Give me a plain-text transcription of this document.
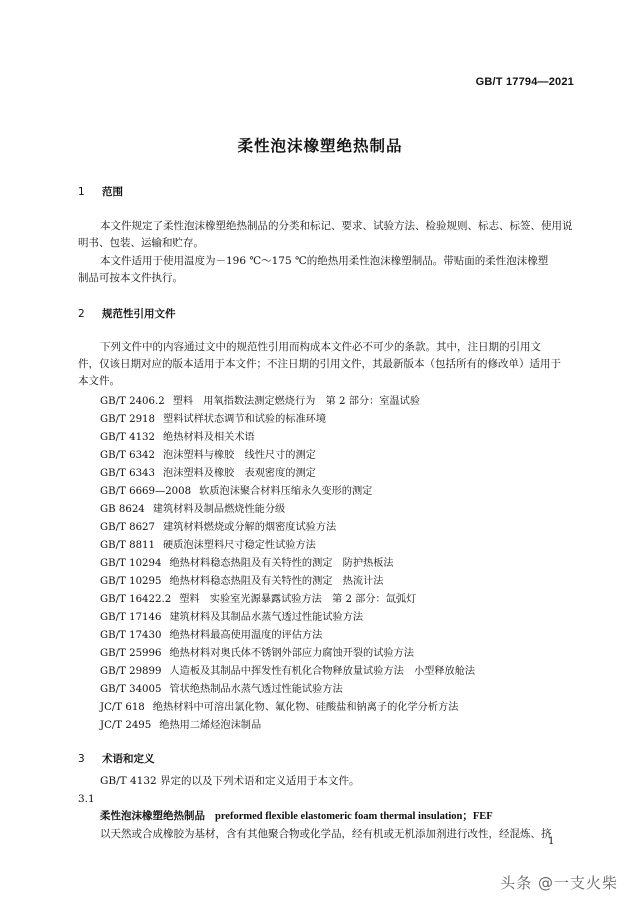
GB/T 17794—2021
柔性泡沫橡塑绝热制品
1 范围
本文件规定了柔性泡沫橡塑绝热制品的分类和标记、要求、试验方法、检验规则、标志、标签、使用说
明书、包装、运输和贮存。
本文件适用于使用温度为－196 ℃～175 ℃的绝热用柔性泡沫橡塑制品。带贴面的柔性泡沫橡塑
制品可按本文件执行。
2 规范性引用文件
下列文件中的内容通过文中的规范性引用而构成本文件必不可少的条款。其中，注日期的引用文
件，仅该日期对应的版本适用于本文件；不注日期的引用文件，其最新版本（包括所有的修改单）适用于
本文件。
GB/T 2406.2 塑料　用氧指数法测定燃烧行为　第 2 部分：室温试验
GB/T 2918 塑料试样状态调节和试验的标准环境
GB/T 4132 绝热材料及相关术语
GB/T 6342 泡沫塑料与橡胶　线性尺寸的测定
GB/T 6343 泡沫塑料及橡胶　表观密度的测定
GB/T 6669—2008 软质泡沫聚合材料压缩永久变形的测定
GB 8624 建筑材料及制品燃烧性能分级
GB/T 8627 建筑材料燃烧或分解的烟密度试验方法
GB/T 8811 硬质泡沫塑料尺寸稳定性试验方法
GB/T 10294 绝热材料稳态热阻及有关特性的测定　防护热板法
GB/T 10295 绝热材料稳态热阻及有关特性的测定　热流计法
GB/T 16422.2 塑料　实验室光源暴露试验方法　第 2 部分：氙弧灯
GB/T 17146 建筑材料及其制品水蒸气透过性能试验方法
GB/T 17430 绝热材料最高使用温度的评估方法
GB/T 25996 绝热材料对奥氏体不锈钢外部应力腐蚀开裂的试验方法
GB/T 29899 人造板及其制品中挥发性有机化合物释放量试验方法　小型释放舱法
GB/T 34005 管状绝热制品水蒸气透过性能试验方法
JC/T 618 绝热材料中可溶出氯化物、氟化物、硅酸盐和钠离子的化学分析方法
JC/T 2495 绝热用二烯烃泡沫制品
3 术语和定义
GB/T 4132 界定的以及下列术语和定义适用于本文件。
3.1
柔性泡沫橡塑绝热制品 preformed flexible elastomeric foam thermal insulation；FEF
以天然或合成橡胶为基材，含有其他聚合物或化学品，经有机或无机添加剂进行改性，经混炼、挤
1
头条 @一支火柴
